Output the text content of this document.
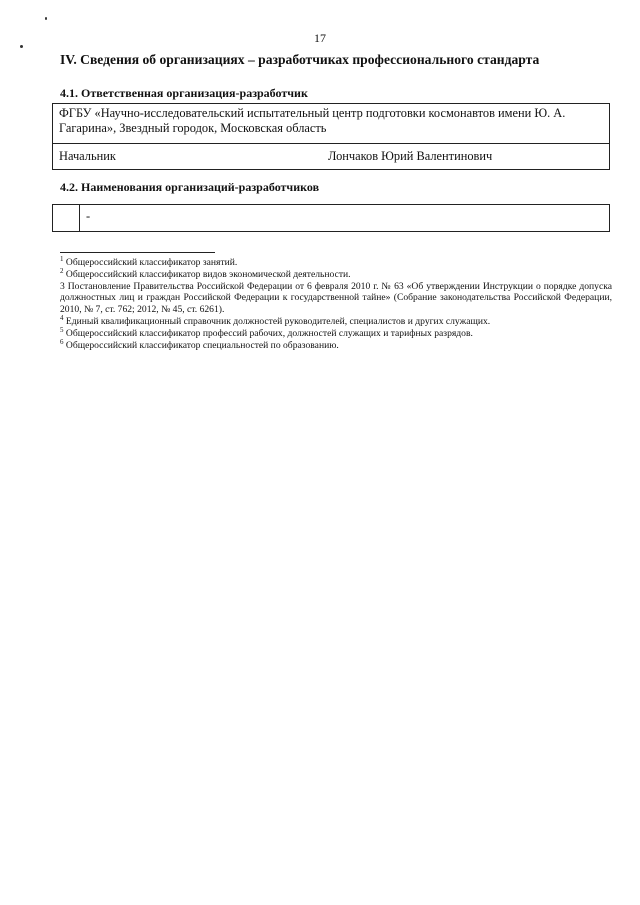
17
IV. Сведения об организациях – разработчиках профессионального стандарта
4.1. Ответственная организация-разработчик
ФГБУ «Научно-исследовательский испытательный центр подготовки космонавтов имени Ю. А. Гагарина», Звездный городок, Московская область

Начальник	Лончаков Юрий Валентинович
4.2. Наименования организаций-разработчиков
	-
$^1$ Общероссийский классификатор занятий.
$^2$ Общероссийский классификатор видов экономической деятельности.
3 Постановление Правительства Российской Федерации от 6 февраля 2010 г. № 63 «Об утверждении Инструкции о порядке допуска должностных лиц и граждан Российской Федерации к государственной тайне» (Собрание законодательства Российской Федерации, 2010, № 7, ст. 762; 2012, № 45, ст. 6261).
$^4$ Единый квалификационный справочник должностей руководителей, специалистов и других служащих.
$^5$ Общероссийский классификатор профессий рабочих, должностей служащих и тарифных разрядов.
$^6$ Общероссийский классификатор специальностей по образованию.
